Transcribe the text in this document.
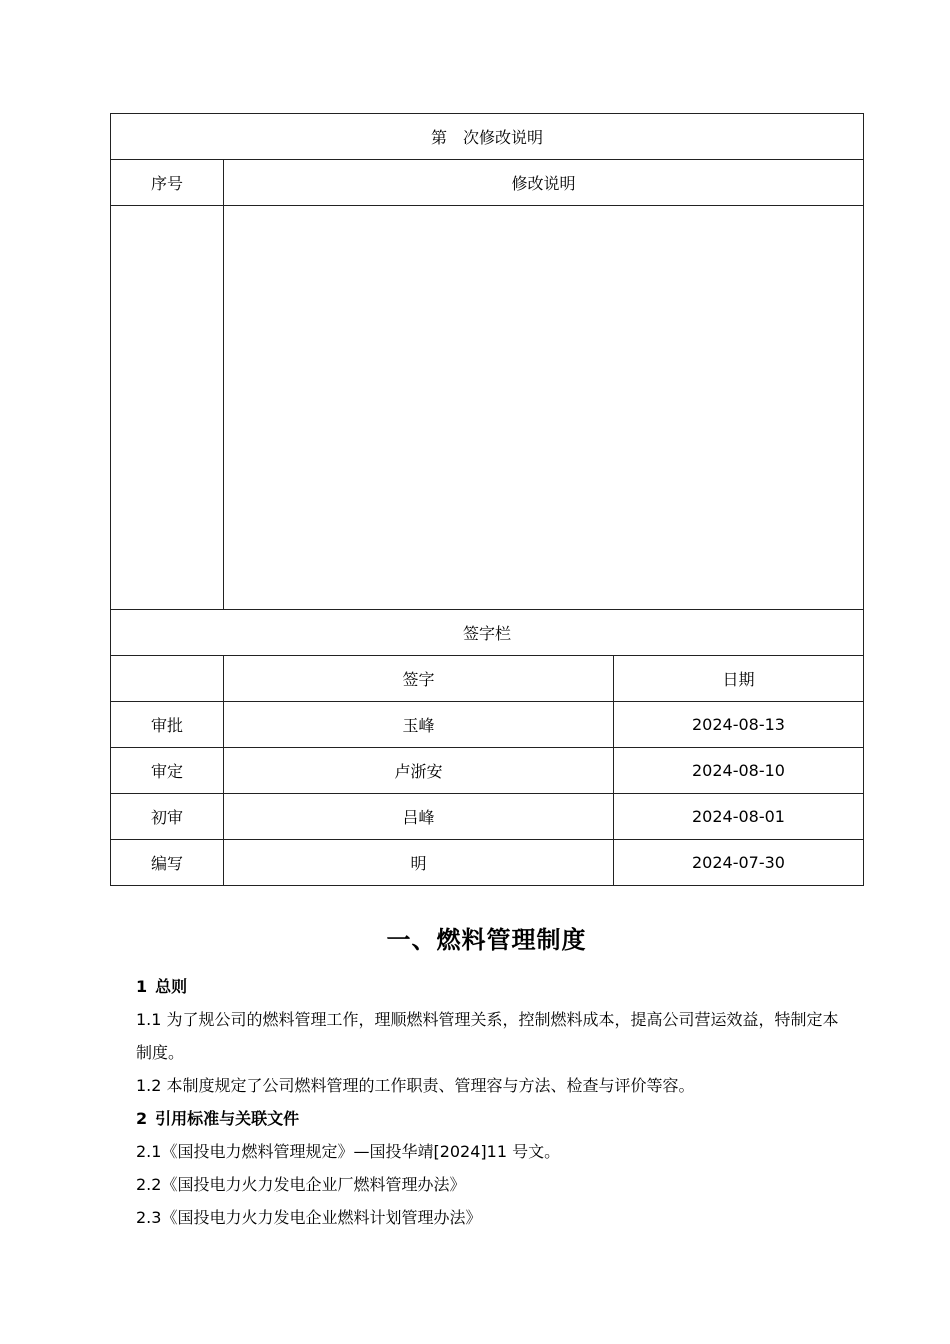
第　次修改说明		
序号	修改说明	

签字栏		
	签字	日期
审批	玉峰	2024-08-13
审定	卢浙安	2024-08-10
初审	吕峰	2024-08-01
编写	明	2024-07-30
一、燃料管理制度

1 总则

1.1 为了规公司的燃料管理工作，理顺燃料管理关系，控制燃料成本，提高公司营运效益，特制定本制度。

1.2 本制度规定了公司燃料管理的工作职责、管理容与方法、检查与评价等容。

2 引用标准与关联文件

2.1《国投电力燃料管理规定》—国投华靖[2024]11 号文。

2.2《国投电力火力发电企业厂燃料管理办法》

2.3《国投电力火力发电企业燃料计划管理办法》
